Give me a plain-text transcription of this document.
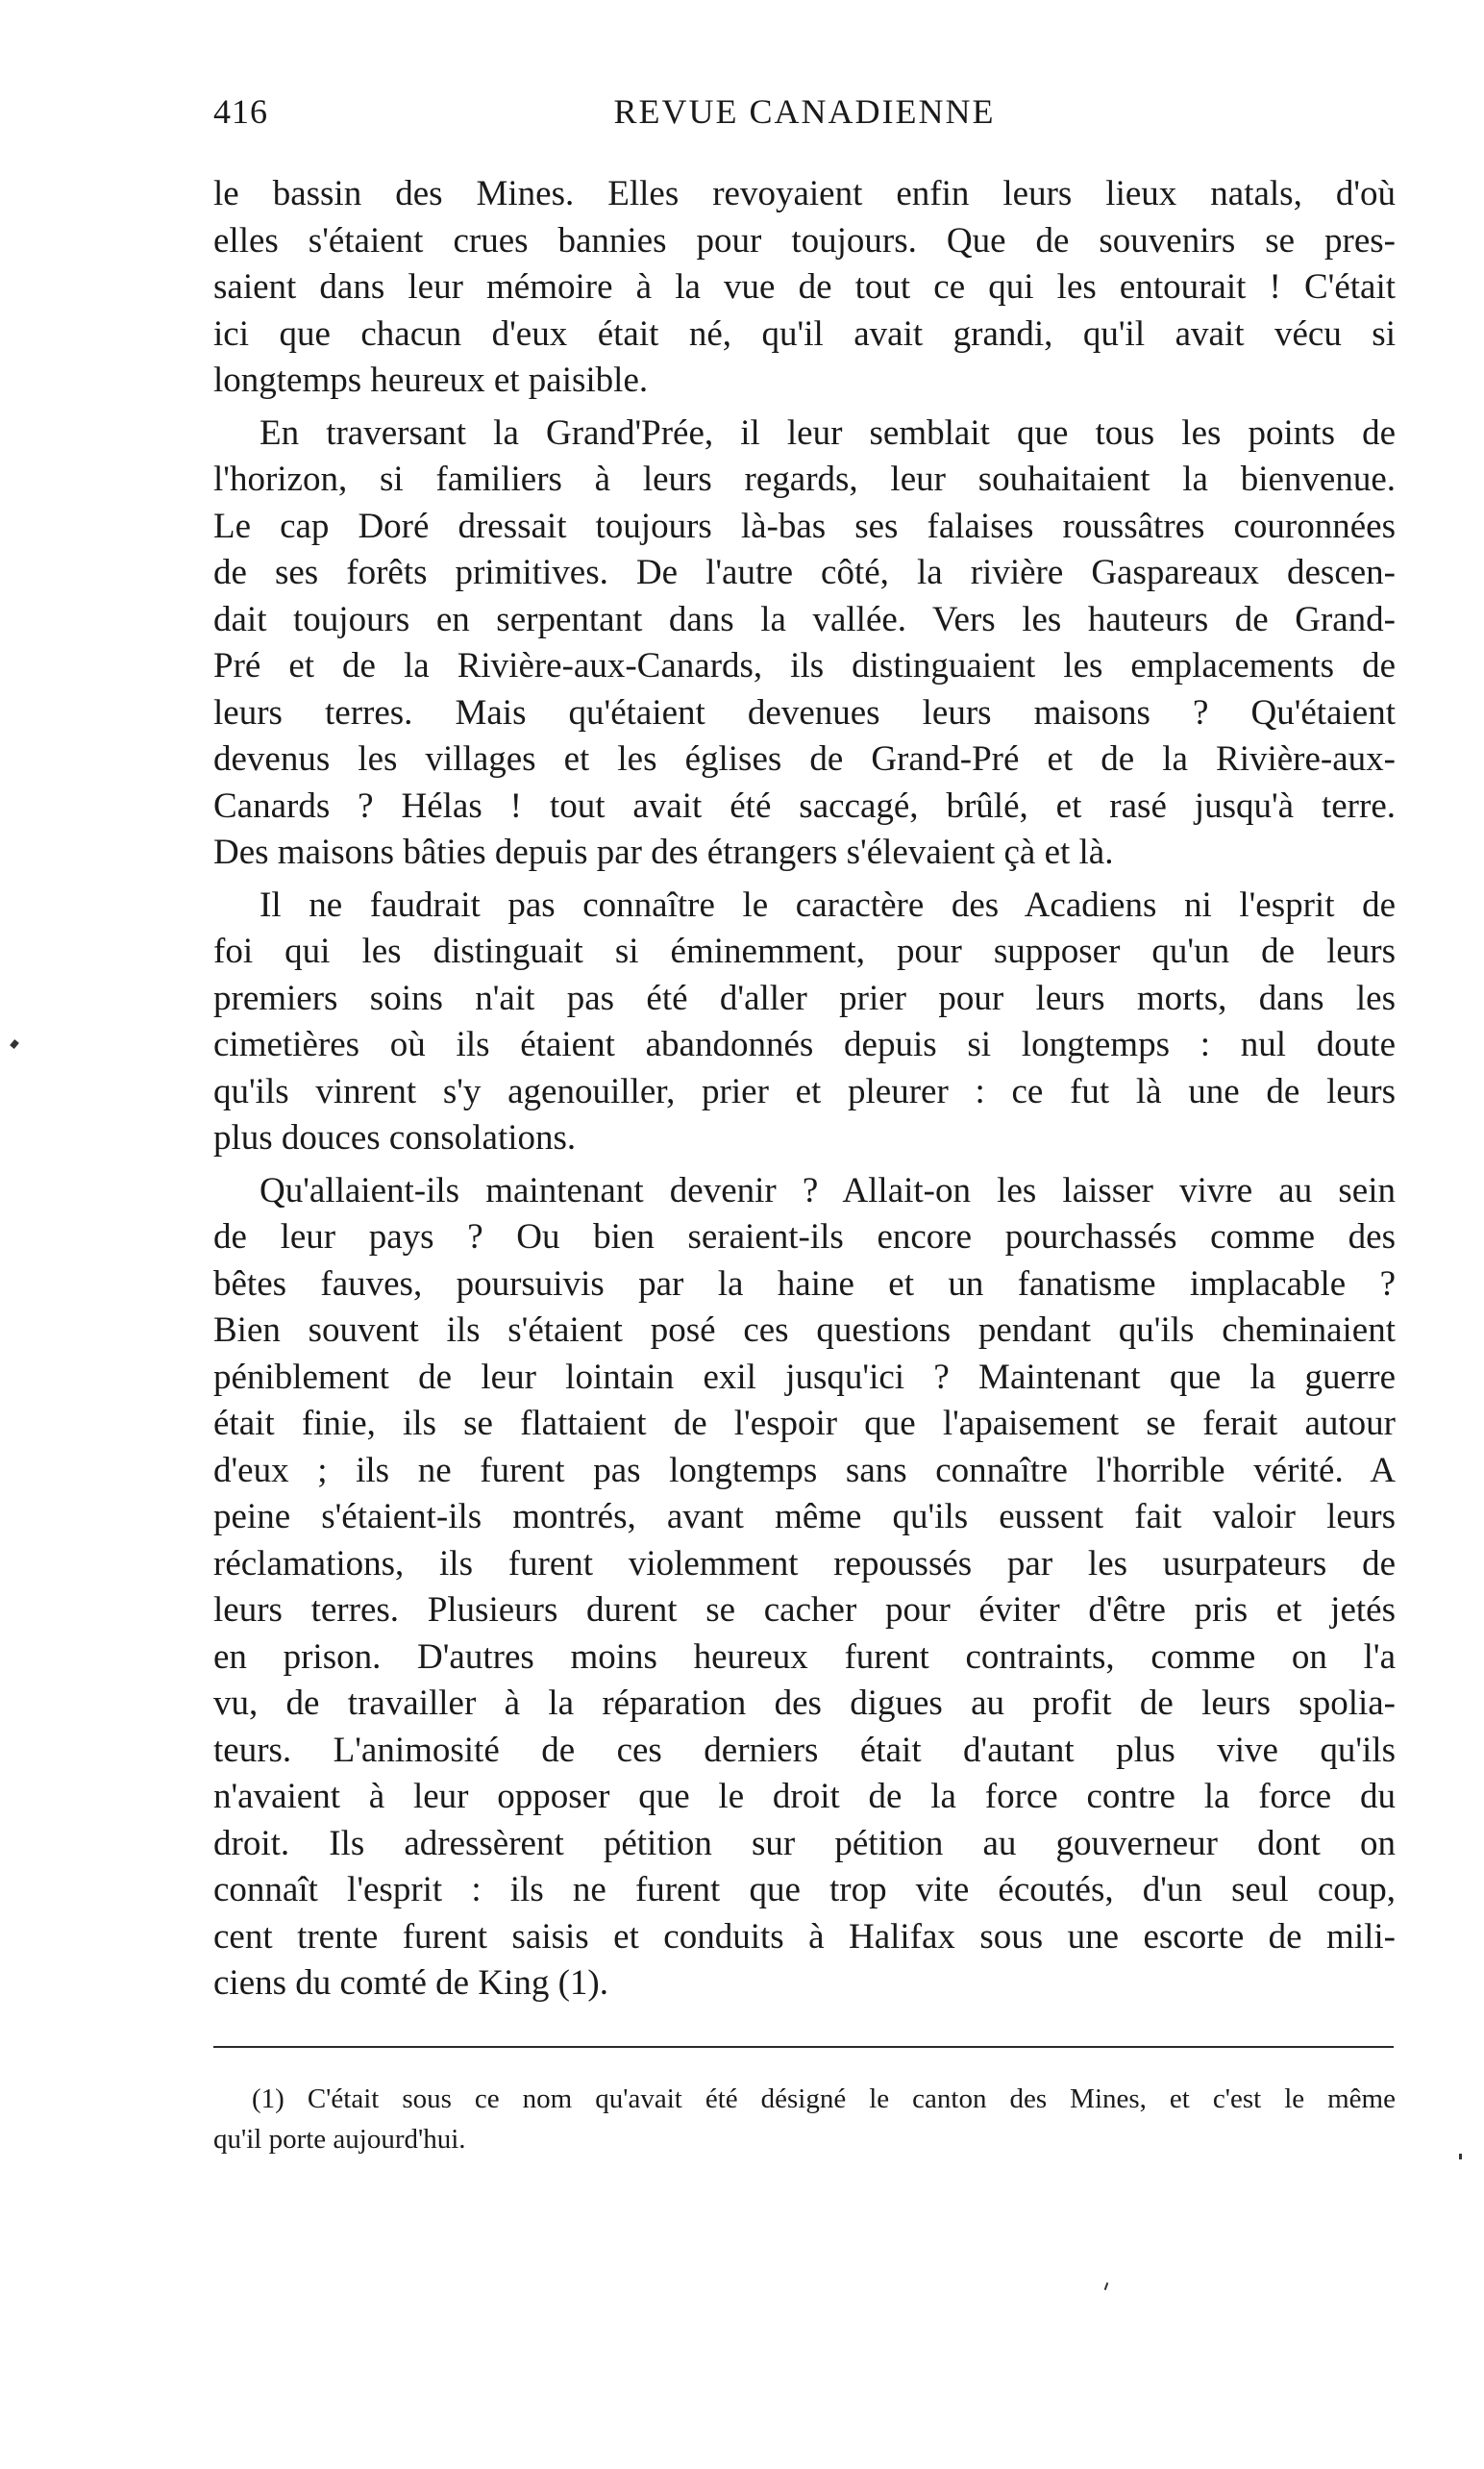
416	REVUE CANADIENNE
le bassin des Mines. Elles revoyaient enfin leurs lieux natals, d'où
elles s'étaient crues bannies pour toujours. Que de souvenirs se pres-
saient dans leur mémoire à la vue de tout ce qui les entourait ! C'était
ici que chacun d'eux était né, qu'il avait grandi, qu'il avait vécu si
longtemps heureux et paisible.
En traversant la Grand'Prée, il leur semblait que tous les points de
l'horizon, si familiers à leurs regards, leur souhaitaient la bienvenue.
Le cap Doré dressait toujours là-bas ses falaises roussâtres couronnées
de ses forêts primitives. De l'autre côté, la rivière Gaspareaux descen-
dait toujours en serpentant dans la vallée. Vers les hauteurs de Grand-
Pré et de la Rivière-aux-Canards, ils distinguaient les emplacements de
leurs terres. Mais qu'étaient devenues leurs maisons ? Qu'étaient
devenus les villages et les églises de Grand-Pré et de la Rivière-aux-
Canards ? Hélas ! tout avait été saccagé, brûlé, et rasé jusqu'à terre.
Des maisons bâties depuis par des étrangers s'élevaient çà et là.
Il ne faudrait pas connaître le caractère des Acadiens ni l'esprit de
foi qui les distinguait si éminemment, pour supposer qu'un de leurs
premiers soins n'ait pas été d'aller prier pour leurs morts, dans les
cimetières où ils étaient abandonnés depuis si longtemps : nul doute
qu'ils vinrent s'y agenouiller, prier et pleurer : ce fut là une de leurs
plus douces consolations.
Qu'allaient-ils maintenant devenir ? Allait-on les laisser vivre au sein
de leur pays ? Ou bien seraient-ils encore pourchassés comme des
bêtes fauves, poursuivis par la haine et un fanatisme implacable ?
Bien souvent ils s'étaient posé ces questions pendant qu'ils cheminaient
péniblement de leur lointain exil jusqu'ici ? Maintenant que la guerre
était finie, ils se flattaient de l'espoir que l'apaisement se ferait autour
d'eux ; ils ne furent pas longtemps sans connaître l'horrible vérité. A
peine s'étaient-ils montrés, avant même qu'ils eussent fait valoir leurs
réclamations, ils furent violemment repoussés par les usurpateurs de
leurs terres. Plusieurs durent se cacher pour éviter d'être pris et jetés
en prison. D'autres moins heureux furent contraints, comme on l'a
vu, de travailler à la réparation des digues au profit de leurs spolia-
teurs. L'animosité de ces derniers était d'autant plus vive qu'ils
n'avaient à leur opposer que le droit de la force contre la force du
droit. Ils adressèrent pétition sur pétition au gouverneur dont on
connaît l'esprit : ils ne furent que trop vite écoutés, d'un seul coup,
cent trente furent saisis et conduits à Halifax sous une escorte de mili-
ciens du comté de King (1).
(1) C'était sous ce nom qu'avait été désigné le canton des Mines, et c'est le même
qu'il porte aujourd'hui.
